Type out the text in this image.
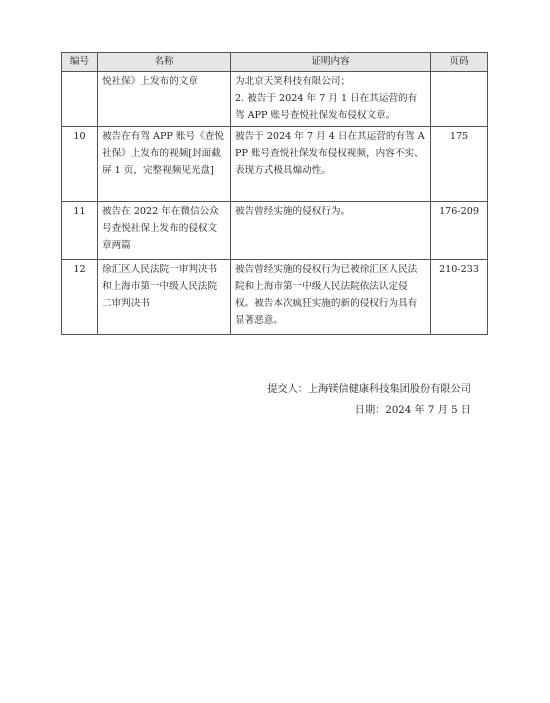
编号	名称	证明内容	页码
	悦社保》上发布的文章	为北京天笑科技有限公司；
2. 被告于 2024 年 7 月 1 日在其运营的有驾 APP 账号查悦社保发布侵权文章。	
10	被告在有驾 APP 账号《查悦社保》上发布的视频[封面截屏 1 页，完整视频见光盘]	被告于 2024 年 7 月 4 日在其运营的有驾 APP 账号查悦社保发布侵权视频，内容不实、表现方式极具煽动性。	175
11	被告在 2022 年在微信公众号查悦社保上发布的侵权文章两篇	被告曾经实施的侵权行为。	176-209
12	徐汇区人民法院一审判决书和上海市第一中级人民法院二审判决书	被告曾经实施的侵权行为已被徐汇区人民法院和上海市第一中级人民法院依法认定侵权。被告本次疯狂实施的新的侵权行为具有显著恶意。	210-233
提交人：上海镁信健康科技集团股份有限公司
日期：2024 年 7 月 5 日
